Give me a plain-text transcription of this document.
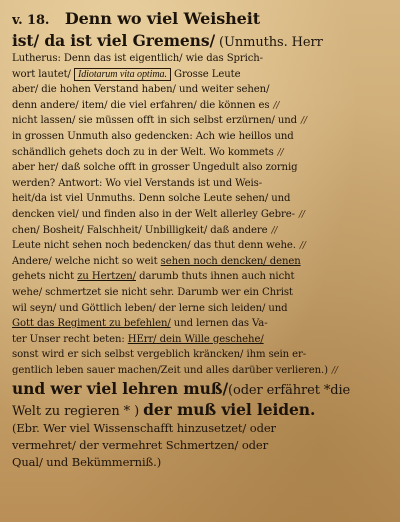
v. 18. Denn wo viel Weisheit
ist/ da ist viel Gremens/ (Unmuths. Herr
Lutherus: Denn das ist eigentlich/ wie das Sprich-
wort lautet/ Idiotarum vita optima. Grosse Leute
aber/ die hohen Verstand haben/ und weiter sehen/
denn andere/ item/ die viel erfahren/ die können es //
nicht lassen/ sie müssen offt in sich selbst erzürnen/ und //
in grossen Unmuth also gedencken: Ach wie heillos und
schändlich gehets doch zu in der Welt. Wo kommets //
aber her/ daß solche offt in grosser Ungedult also zornig
werden? Antwort: Wo viel Verstands ist und Weis-
heit/da ist viel Unmuths. Denn solche Leute sehen/ und
dencken viel/ und finden also in der Welt allerley Gebre- //
chen/ Bosheit/ Falschheit/ Unbilligkeit/ daß andere //
Leute nicht sehen noch bedencken/ das thut denn wehe. //
Andere/ welche nicht so weit sehen noch dencken/ denen
gehets nicht zu Hertzen/ darumb thuts ihnen auch nicht
wehe/ schmertzet sie nicht sehr. Darumb wer ein Christ
wil seyn/ und Göttlich leben/ der lerne sich leiden/ und
Gott das Regiment zu befehlen/ und lernen das Va-
ter Unser recht beten: HErr/ dein Wille geschehe/
sonst wird er sich selbst vergeblich kräncken/ ihm sein er-
gentlich leben sauer machen/Zeit und alles darüber verlieren.) //
und wer viel lehren muß/(oder erfähret *die
Welt zu regieren * ) der muß viel leiden.
(Ebr. Wer viel Wissenschafft hinzusetzet/ oder
vermehret/ der vermehret Schmertzen/ oder
Qual/ und Bekümmerniß.)
